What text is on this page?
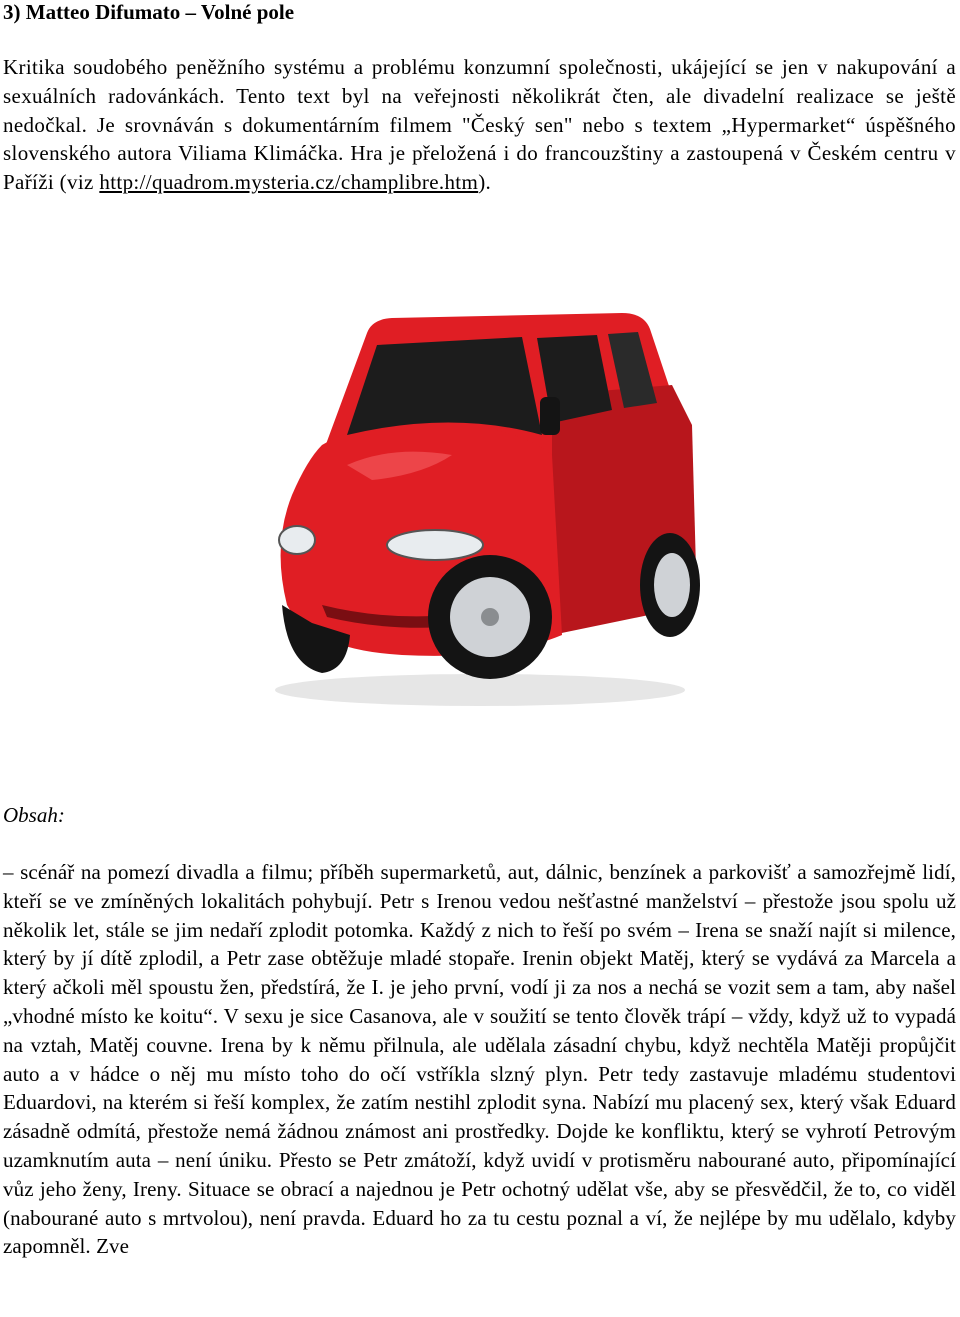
3) Matteo Difumato – Volné pole

Kritika soudobého peněžního systému a problému konzumní společnosti, ukájející se jen v nakupování a sexuálních radovánkách. Tento text byl na veřejnosti několikrát čten, ale divadelní realizace se ještě nedočkal. Je srovnáván s dokumentárním filmem "Český sen" nebo s textem „Hypermarket“ úspěšného slovenského autora Viliama Klimáčka. Hra je přeložená i do francouzštiny a zastoupená v Českém centru v Paříži (viz http://quadrom.mysteria.cz/champlibre.htm).

Obsah:

– scénář na pomezí divadla a filmu; příběh supermarketů, aut, dálnic, benzínek a parkovišť a samozřejmě lidí, kteří se ve zmíněných lokalitách pohybují. Petr s Irenou vedou nešťastné manželství – přestože jsou spolu už několik let, stále se jim nedaří zplodit potomka. Každý z nich to řeší po svém – Irena se snaží najít si milence, který by jí dítě zplodil, a Petr zase obtěžuje mladé stopaře. Irenin objekt Matěj, který se vydává za Marcela a který ačkoli měl spoustu žen, předstírá, že I. je jeho první, vodí ji za nos a nechá se vozit sem a tam, aby našel „vhodné místo ke koitu“. V sexu je sice Casanova, ale v soužití se tento člověk trápí – vždy, když už to vypadá na vztah, Matěj couvne. Irena by k němu přilnula, ale udělala zásadní chybu, když nechtěla Matěji propůjčit auto a v hádce o něj mu místo toho do očí vstříkla slzný plyn. Petr tedy zastavuje mladému studentovi Eduardovi, na kterém si řeší komplex, že zatím nestihl zplodit syna. Nabízí mu placený sex, který však Eduard zásadně odmítá, přestože nemá žádnou známost ani prostředky. Dojde ke konfliktu, který se vyhrotí Petrovým uzamknutím auta – není úniku. Přesto se Petr zmátoží, když uvidí v protisměru nabourané auto, připomínající vůz jeho ženy, Ireny. Situace se obrací a najednou je Petr ochotný udělat vše, aby se přesvědčil, že to, co viděl (nabourané auto s mrtvolou), není pravda. Eduard ho za tu cestu poznal a ví, že nejlépe by mu udělalo, kdyby zapomněl. Zve
